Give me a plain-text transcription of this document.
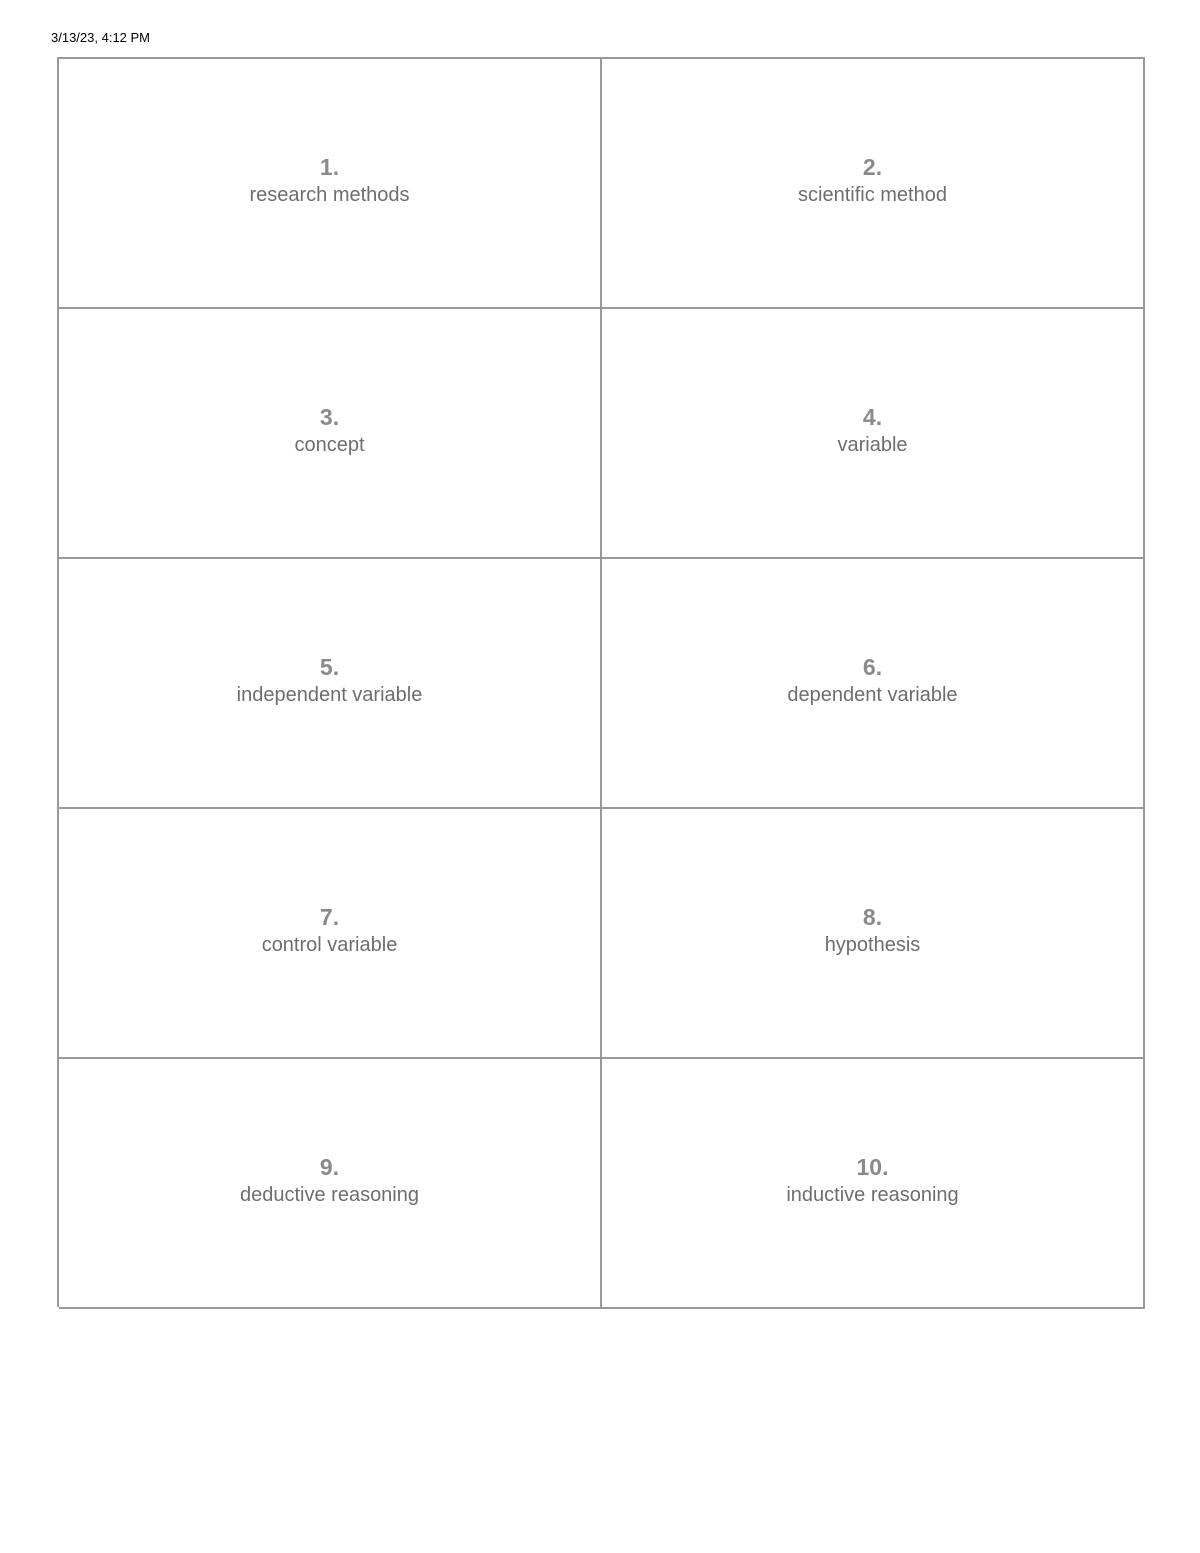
3/13/23, 4:12 PM
1.
research methods
2.
scientific method
3.
concept
4.
variable
5.
independent variable
6.
dependent variable
7.
control variable
8.
hypothesis
9.
deductive reasoning
10.
inductive reasoning
